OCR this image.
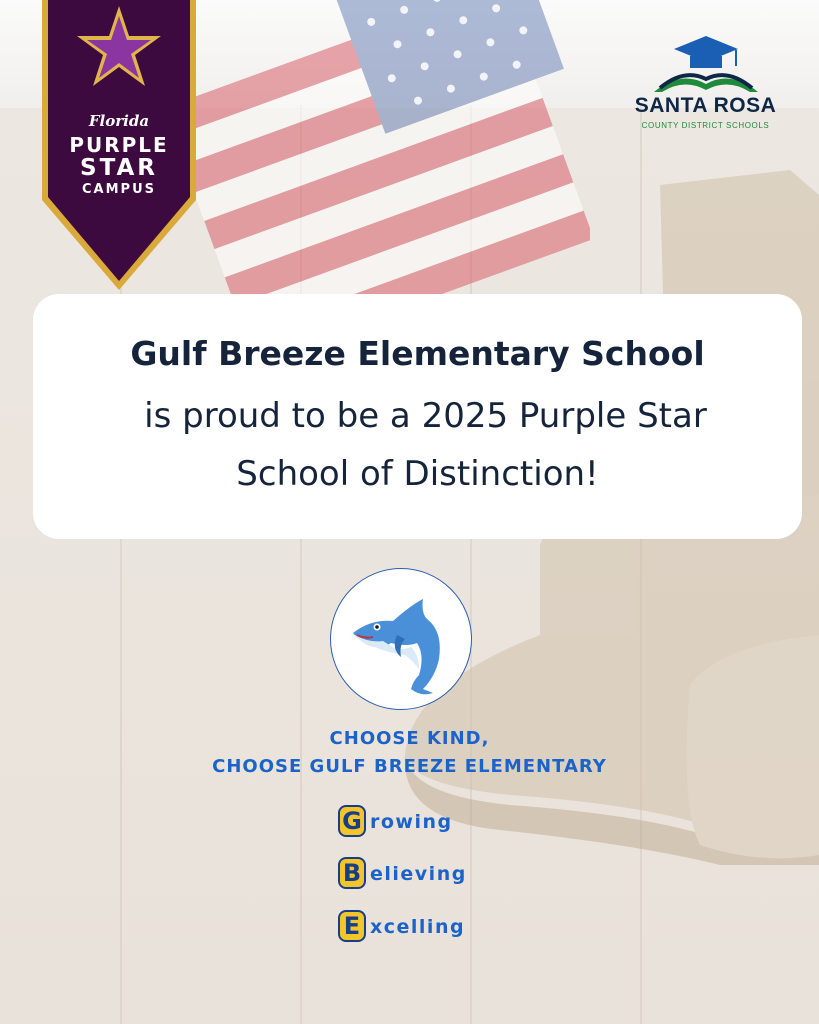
Florida
PURPLE
STAR
CAMPUS
SANTA ROSA
COUNTY DISTRICT SCHOOLS
Gulf Breeze Elementary School
is proud to be a 2025 Purple Star
School of Distinction!
CHOOSE KIND,
CHOOSE GULF BREEZE ELEMENTARY
G rowing
B elieving
E xcelling
